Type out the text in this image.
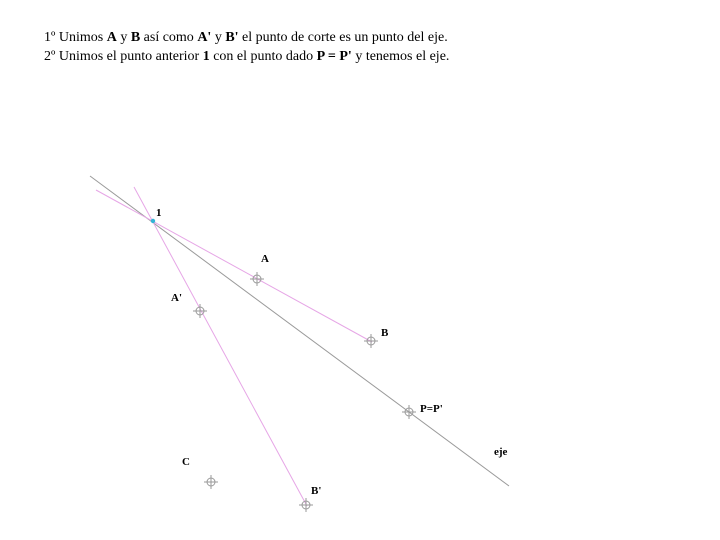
1º Unimos A y B así como A' y B' el punto de corte es un punto del eje.
2º Unimos el punto anterior 1 con el punto dado P = P' y tenemos el eje.
1
A
A'
B
P=P'
eje
C
B'
